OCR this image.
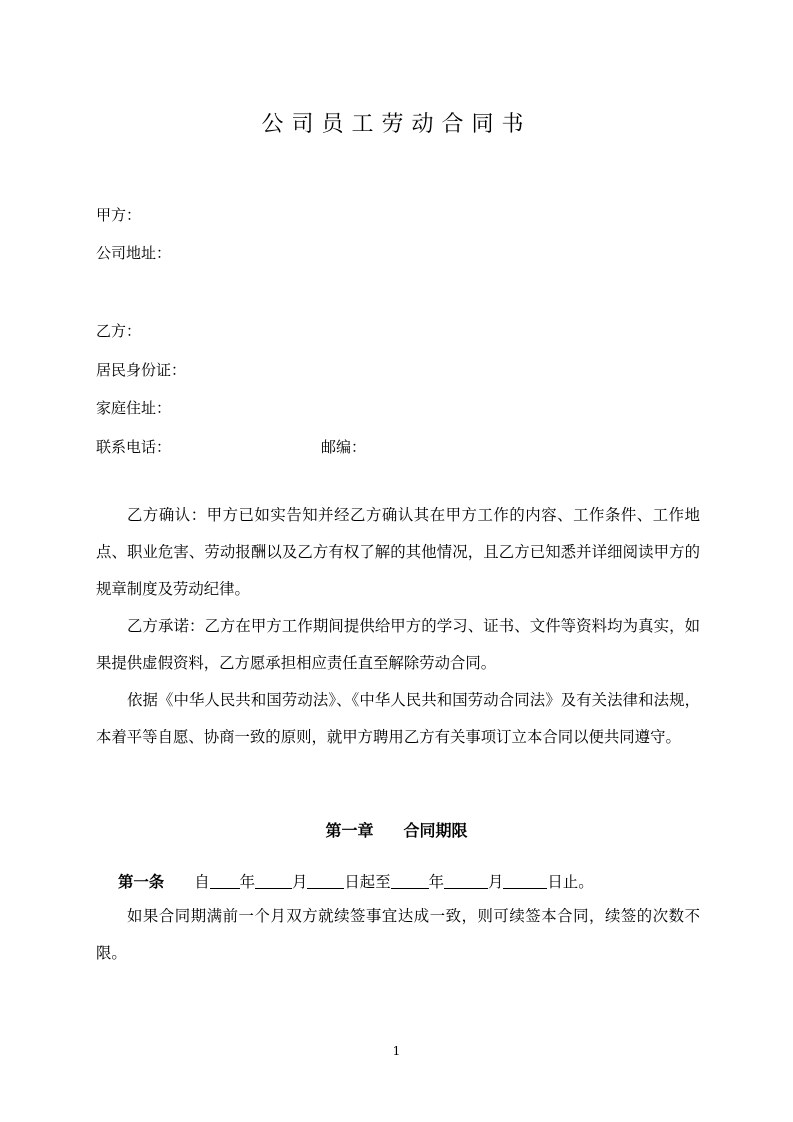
公司员工劳动合同书
甲方：
公司地址：
乙方：
居民身份证：
家庭住址：
联系电话：	邮编：
乙方确认：甲方已如实告知并经乙方确认其在甲方工作的内容、工作条件、工作地点、职业危害、劳动报酬以及乙方有权了解的其他情况，且乙方已知悉并详细阅读甲方的规章制度及劳动纪律。
乙方承诺：乙方在甲方工作期间提供给甲方的学习、证书、文件等资料均为真实，如果提供虚假资料，乙方愿承担相应责任直至解除劳动合同。
依据《中华人民共和国劳动法》、《中华人民共和国劳动合同法》及有关法律和法规，本着平等自愿、协商一致的原则，就甲方聘用乙方有关事项订立本合同以便共同遵守。
第一章 合同期限
第一条 自 年 月 日起至 年	月	日止。
如果合同期满前一个月双方就续签事宜达成一致，则可续签本合同，续签的次数不限。
1
